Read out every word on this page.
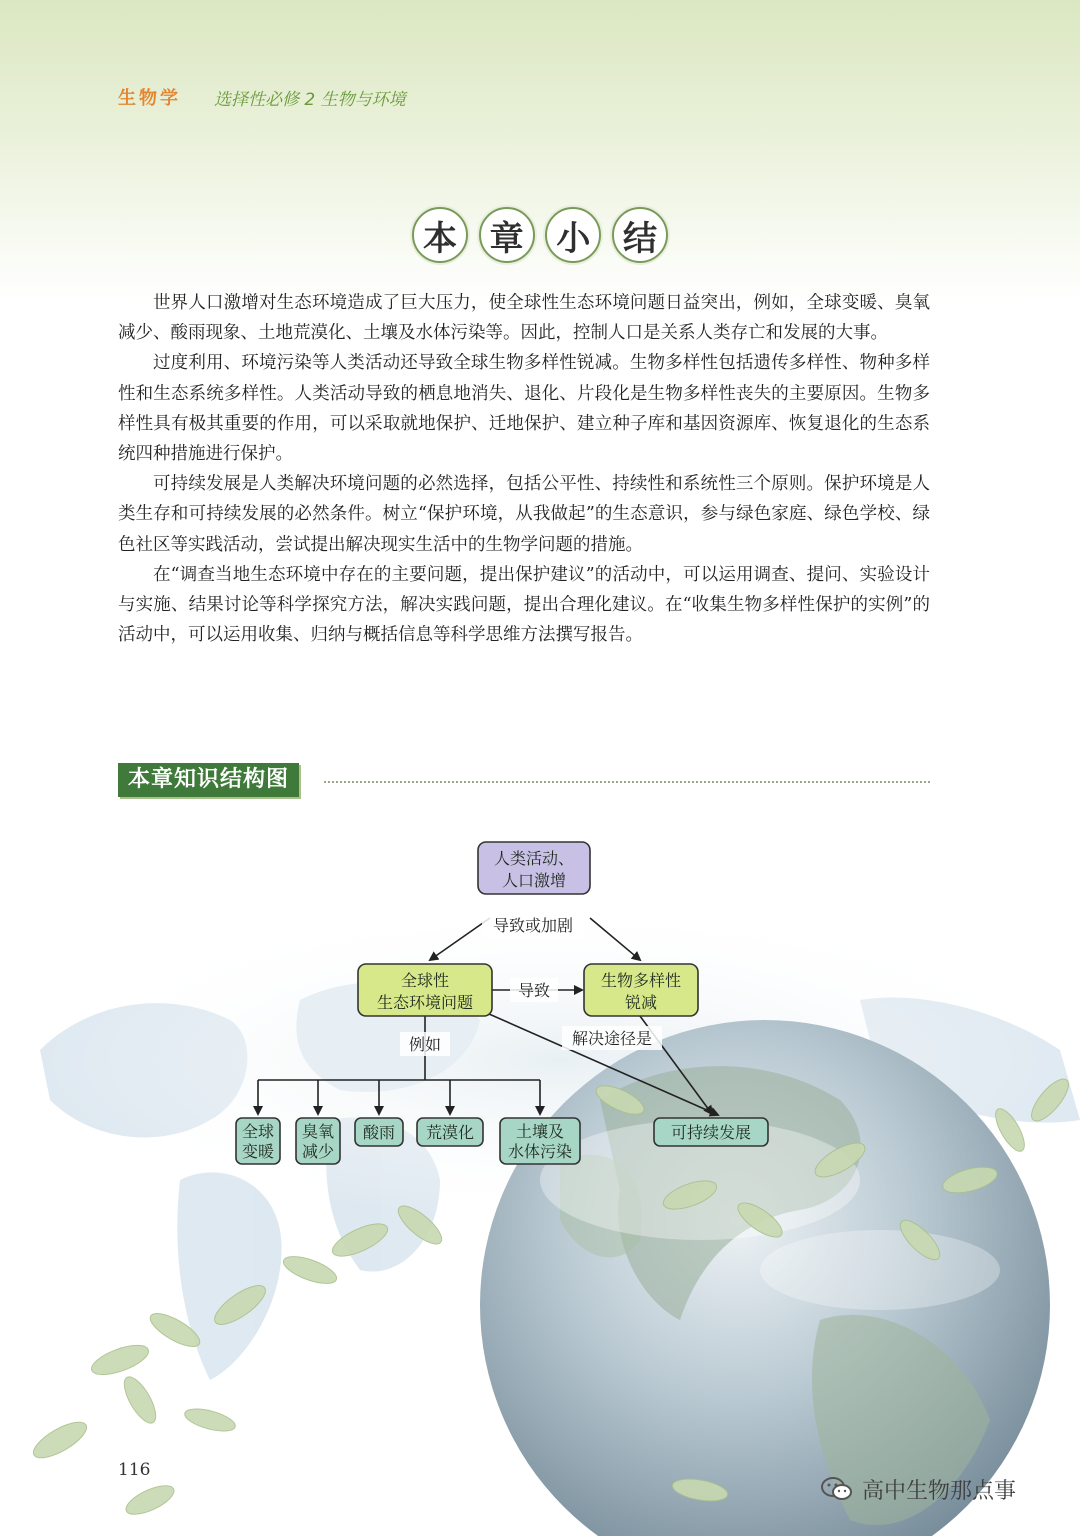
生物学 选择性必修 2 生物与环境
本 章 小 结

世界人口激增对生态环境造成了巨大压力，使全球性生态环境问题日益突出，例如，全球变暖、臭氧减少、酸雨现象、土地荒漠化、土壤及水体污染等。因此，控制人口是关系人类存亡和发展的大事。

过度利用、环境污染等人类活动还导致全球生物多样性锐减。生物多样性包括遗传多样性、物种多样性和生态系统多样性。人类活动导致的栖息地消失、退化、片段化是生物多样性丧失的主要原因。生物多样性具有极其重要的作用，可以采取就地保护、迁地保护、建立种子库和基因资源库、恢复退化的生态系统四种措施进行保护。

可持续发展是人类解决环境问题的必然选择，包括公平性、持续性和系统性三个原则。保护环境是人类生存和可持续发展的必然条件。树立“保护环境，从我做起”的生态意识，参与绿色家庭、绿色学校、绿色社区等实践活动，尝试提出解决现实生活中的生物学问题的措施。

在“调查当地生态环境中存在的主要问题，提出保护建议”的活动中，可以运用调查、提问、实验设计与实施、结果讨论等科学探究方法，解决实践问题，提出合理化建议。在“收集生物多样性保护的实例”的活动中，可以运用收集、归纳与概括信息等科学思维方法撰写报告。

本章知识结构图
导致或加剧
导致
例如	解决途径是
人类活动、
人口激增
全球性
生态环境问题
生物多样性
锐减
可持续发展
全球
变暖
臭氧
减少
酸雨 荒漠化	土壤及
水体污染
116
高中生物那点事
